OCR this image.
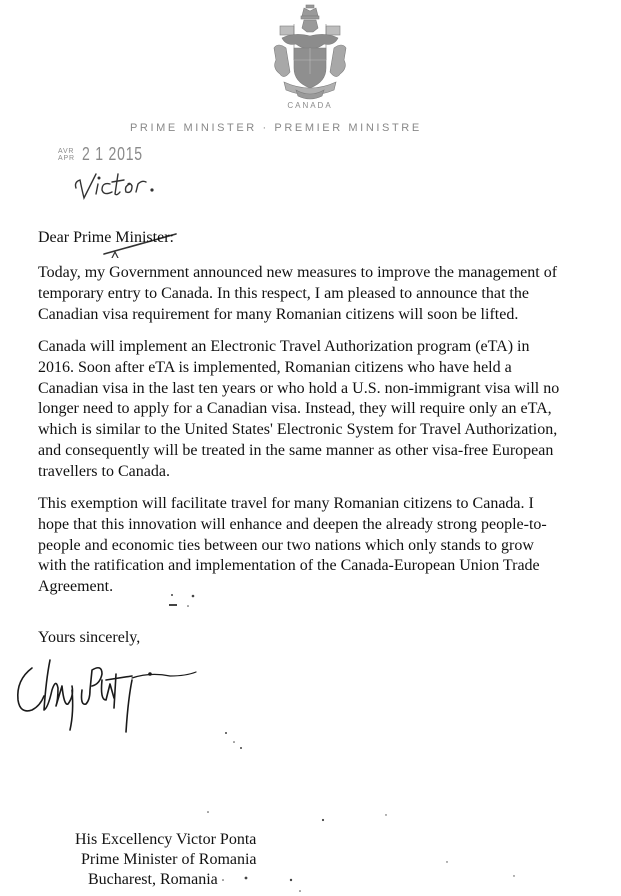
CANADA
PRIME MINISTER · PREMIER MINISTRE
AVR
APR 2 1 2015
Dear Prime Minister:

Today, my Government announced new measures to improve the management of

temporary entry to Canada. In this respect, I am pleased to announce that the

Canadian visa requirement for many Romanian citizens will soon be lifted.

Canada will implement an Electronic Travel Authorization program (eTA) in

2016. Soon after eTA is implemented, Romanian citizens who have held a

Canadian visa in the last ten years or who hold a U.S. non-immigrant visa will no

longer need to apply for a Canadian visa. Instead, they will require only an eTA,

which is similar to the United States' Electronic System for Travel Authorization,

and consequently will be treated in the same manner as other visa-free European

travellers to Canada.

This exemption will facilitate travel for many Romanian citizens to Canada. I

hope that this innovation will enhance and deepen the already strong people-to-

people and economic ties between our two nations which only stands to grow

with the ratification and implementation of the Canada-European Union Trade

Agreement.

Yours sincerely,
His Excellency Victor Ponta
Prime Minister of Romania
Bucharest, Romania
